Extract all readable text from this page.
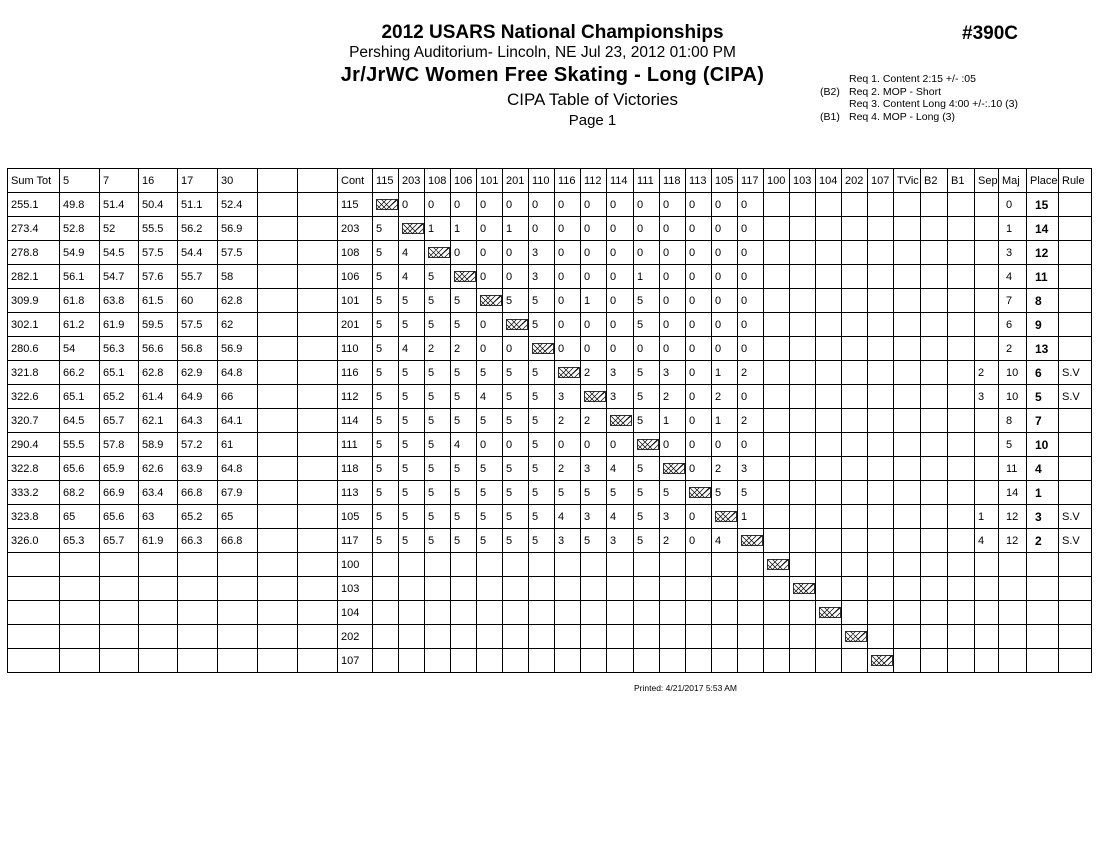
2012 USARS National Championships
Pershing Auditorium- Lincoln, NE Jul 23, 2012 01:00 PM
Jr/JrWC Women Free Skating - Long (CIPA)
CIPA Table of Victories
Page 1
#390C
Req 1. Content 2:15 +/- :05
(B2) Req 2. MOP - Short
Req 3. Content Long 4:00 +/-:.10 (3)
(B1) Req 4. MOP - Long (3)
Sum Tot	5	7	16	17	30			Cont	115	203	108	106	101	201	110	116	112	114	111	118	113	105	117	100	103	104	202	107	TVic	B2	B1	Sep	Maj	Place	Rule
255.1	49.8	51.4	50.4	51.1	52.4			115		0	0	0	0	0	0	0	0	0	0	0	0	0	0										0	15	
273.4	52.8	52	55.5	56.2	56.9			203	5		1	1	0	1	0	0	0	0	0	0	0	0	0										1	14	
278.8	54.9	54.5	57.5	54.4	57.5			108	5	4		0	0	0	3	0	0	0	0	0	0	0	0										3	12	
282.1	56.1	54.7	57.6	55.7	58			106	5	4	5		0	0	3	0	0	0	1	0	0	0	0										4	11	
309.9	61.8	63.8	61.5	60	62.8			101	5	5	5	5		5	5	0	1	0	5	0	0	0	0										7	8	
302.1	61.2	61.9	59.5	57.5	62			201	5	5	5	5	0		5	0	0	0	5	0	0	0	0										6	9	
280.6	54	56.3	56.6	56.8	56.9			110	5	4	2	2	0	0		0	0	0	0	0	0	0	0										2	13	
321.8	66.2	65.1	62.8	62.9	64.8			116	5	5	5	5	5	5	5		2	3	5	3	0	1	2									2	10	6	S.V
322.6	65.1	65.2	61.4	64.9	66			112	5	5	5	5	4	5	5	3		3	5	2	0	2	0									3	10	5	S.V
320.7	64.5	65.7	62.1	64.3	64.1			114	5	5	5	5	5	5	5	2	2		5	1	0	1	2										8	7	
290.4	55.5	57.8	58.9	57.2	61			111	5	5	5	4	0	0	5	0	0	0		0	0	0	0										5	10	
322.8	65.6	65.9	62.6	63.9	64.8			118	5	5	5	5	5	5	5	2	3	4	5		0	2	3										11	4	
333.2	68.2	66.9	63.4	66.8	67.9			113	5	5	5	5	5	5	5	5	5	5	5	5		5	5										14	1	
323.8	65	65.6	63	65.2	65			105	5	5	5	5	5	5	5	4	3	4	5	3	0		1									1	12	3	S.V
326.0	65.3	65.7	61.9	66.3	66.8			117	5	5	5	5	5	5	5	3	5	3	5	2	0	4										4	12	2	S.V
								100																											
								103																											
								104																											
								202																											
								107																											
Printed: 4/21/2017 5:53 AM
